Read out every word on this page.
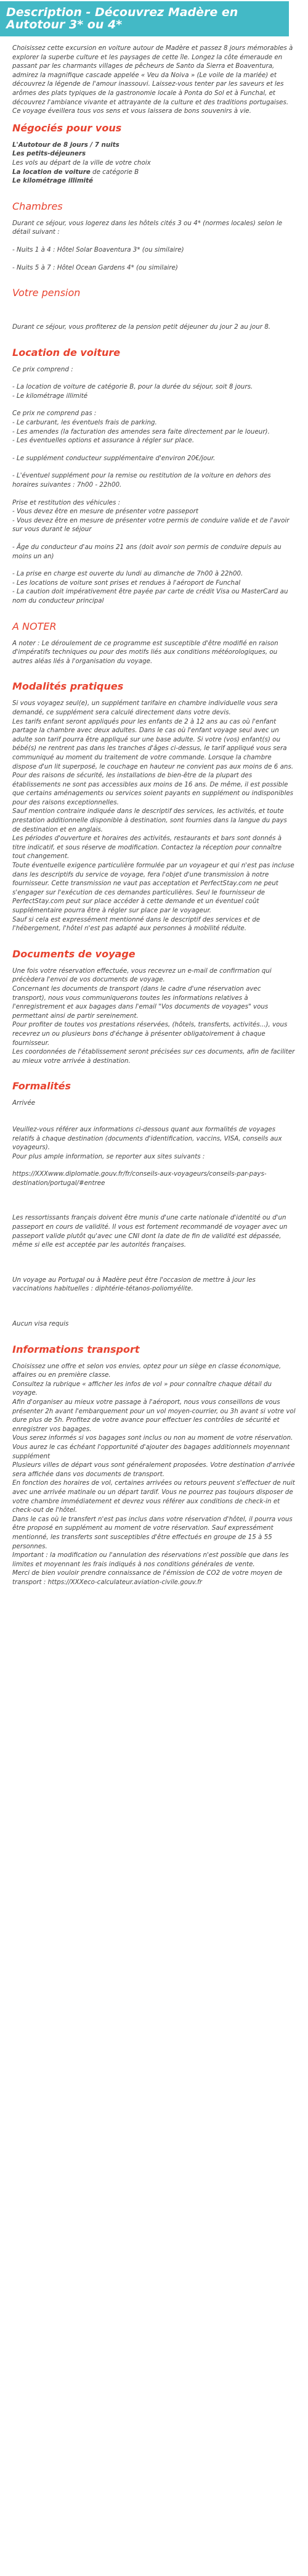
Description - Découvrez Madère en Autotour 3* ou 4*

Choisissez cette excursion en voiture autour de Madère et passez 8 jours mémorables à explorer la superbe culture et les paysages de cette île. Longez la côte émeraude en passant par les charmants villages de pêcheurs de Santo da Sierra et Boaventura, admirez la magnifique cascade appelée « Veu da Noiva » (Le voile de la mariée) et découvrez la légende de l'amour inassouvi. Laissez-vous tenter par les saveurs et les arômes des plats typiques de la gastronomie locale à Ponta do Sol et à Funchal, et découvrez l'ambiance vivante et attrayante de la culture et des traditions portugaises. Ce voyage éveillera tous vos sens et vous laissera de bons souvenirs à vie.

Négociés pour vous

L'Autotour de 8 jours / 7 nuits

Les petits-déjeuners

Les vols au départ de la ville de votre choix

La location de voiture de catégorie B

Le kilométrage illimité

Chambres

Durant ce séjour, vous logerez dans les hôtels cités 3 ou 4* (normes locales) selon le détail suivant :

- Nuits 1 à 4 : Hôtel Solar Boaventura 3* (ou similaire)

- Nuits 5 à 7 : Hôtel Ocean Gardens 4* (ou similaire)

Votre pension

Durant ce séjour, vous profiterez de la pension petit déjeuner du jour 2 au jour 8.

Location de voiture

Ce prix comprend :

- La location de voiture de catégorie B, pour la durée du séjour, soit 8 jours.

- Le kilométrage illimité

Ce prix ne comprend pas :

- Le carburant, les éventuels frais de parking.

- Les amendes (la facturation des amendes sera faite directement par le loueur).

- Les éventuelles options et assurance à régler sur place.

- Le supplément conducteur supplémentaire d'environ 20€/jour.

- L'éventuel supplément pour la remise ou restitution de la voiture en dehors des horaires suivantes : 7h00 - 22h00.

Prise et restitution des véhicules :

- Vous devez être en mesure de présenter votre passeport

- Vous devez être en mesure de présenter votre permis de conduire valide et de l'avoir sur vous durant le séjour

- Âge du conducteur d'au moins 21 ans (doit avoir son permis de conduire depuis au moins un an)

- La prise en charge est ouverte du lundi au dimanche de 7h00 à 22h00.

- Les locations de voiture sont prises et rendues à l'aéroport de Funchal

- La caution doit impérativement être payée par carte de crédit Visa ou MasterCard au nom du conducteur principal

A NOTER

A noter : Le déroulement de ce programme est susceptible d'être modifié en raison d'impératifs techniques ou pour des motifs liés aux conditions météorologiques, ou autres aléas liés à l'organisation du voyage.

Modalités pratiques

Si vous voyagez seul(e), un supplément tarifaire en chambre individuelle vous sera demandé, ce supplément sera calculé directement dans votre devis.

Les tarifs enfant seront appliqués pour les enfants de 2 à 12 ans au cas où l'enfant partage la chambre avec deux adultes. Dans le cas où l'enfant voyage seul avec un adulte son tarif pourra être appliqué sur une base adulte. Si votre (vos) enfant(s) ou bébé(s) ne rentrent pas dans les tranches d'âges ci-dessus, le tarif appliqué vous sera communiqué au moment du traitement de votre commande. Lorsque la chambre dispose d'un lit superposé, le couchage en hauteur ne convient pas aux moins de 6 ans.

Pour des raisons de sécurité, les installations de bien-être de la plupart des établissements ne sont pas accessibles aux moins de 16 ans. De même, il est possible que certains aménagements ou services soient payants en supplément ou indisponibles pour des raisons exceptionnelles.

Sauf mention contraire indiquée dans le descriptif des services, les activités, et toute prestation additionnelle disponible à destination, sont fournies dans la langue du pays de destination et en anglais.

Les périodes d'ouverture et horaires des activités, restaurants et bars sont donnés à titre indicatif, et sous réserve de modification. Contactez la réception pour connaître tout changement.

Toute éventuelle exigence particulière formulée par un voyageur et qui n'est pas incluse dans les descriptifs du service de voyage, fera l'objet d'une transmission à notre fournisseur. Cette transmission ne vaut pas acceptation et PerfectStay.com ne peut s'engager sur l'exécution de ces demandes particulières. Seul le fournisseur de PerfectStay.com peut sur place accéder à cette demande et un éventuel coût supplémentaire pourra être à régler sur place par le voyageur.

Sauf si cela est expressément mentionné dans le descriptif des services et de l'hébergement, l'hôtel n'est pas adapté aux personnes à mobilité réduite.

Documents de voyage

Une fois votre réservation effectuée, vous recevrez un e-mail de confirmation qui précèdera l'envoi de vos documents de voyage.

Concernant les documents de transport (dans le cadre d'une réservation avec transport), nous vous communiquerons toutes les informations relatives à l'enregistrement et aux bagages dans l'email "Vos documents de voyages" vous permettant ainsi de partir sereinement.

Pour profiter de toutes vos prestations réservées, (hôtels, transferts, activités...), vous recevrez un ou plusieurs bons d'échange à présenter obligatoirement à chaque fournisseur.

Les coordonnées de l'établissement seront précisées sur ces documents, afin de faciliter au mieux votre arrivée à destination.

Formalités

Arrivée

Veuillez-vous référer aux informations ci-dessous quant aux formalités de voyages relatifs à chaque destination (documents d'identification, vaccins, VISA, conseils aux voyageurs).

Pour plus ample information, se reporter aux sites suivants :

https://XXXwww.diplomatie.gouv.fr/fr/conseils-aux-voyageurs/conseils-par-pays-destination/portugal/#entree

Les ressortissants français doivent être munis d'une carte nationale d'identité ou d'un passeport en cours de validité. Il vous est fortement recommandé de voyager avec un passeport valide plutôt qu'avec une CNI dont la date de fin de validité est dépassée, même si elle est acceptée par les autorités françaises.

Un voyage au Portugal ou à Madère peut être l'occasion de mettre à jour les vaccinations habituelles : diphtérie-tétanos-poliomyélite.

Aucun visa requis

Informations transport

Choisissez une offre et selon vos envies, optez pour un siège en classe économique, affaires ou en première classe.

Consultez la rubrique « afficher les infos de vol » pour connaître chaque détail du voyage.

Afin d'organiser au mieux votre passage à l'aéroport, nous vous conseillons de vous présenter 2h avant l'embarquement pour un vol moyen-courrier, ou 3h avant si votre vol dure plus de 5h. Profitez de votre avance pour effectuer les contrôles de sécurité et enregistrer vos bagages.

Vous serez informés si vos bagages sont inclus ou non au moment de votre réservation.

Vous aurez le cas échéant l'opportunité d'ajouter des bagages additionnels moyennant supplément

Plusieurs villes de départ vous sont généralement proposées. Votre destination d'arrivée sera affichée dans vos documents de transport.

En fonction des horaires de vol, certaines arrivées ou retours peuvent s'effectuer de nuit avec une arrivée matinale ou un départ tardif. Vous ne pourrez pas toujours disposer de votre chambre immédiatement et devrez vous référer aux conditions de check-in et check-out de l'hôtel.

Dans le cas où le transfert n'est pas inclus dans votre réservation d'hôtel, il pourra vous être proposé en supplément au moment de votre réservation. Sauf expressément mentionné, les transferts sont susceptibles d'être effectués en groupe de 15 à 55 personnes.

Important : la modification ou l'annulation des réservations n'est possible que dans les limites et moyennant les frais indiqués à nos conditions générales de vente.

Merci de bien vouloir prendre connaissance de l'émission de CO2 de votre moyen de transport : https://XXXeco-calculateur.aviation-civile.gouv.fr
